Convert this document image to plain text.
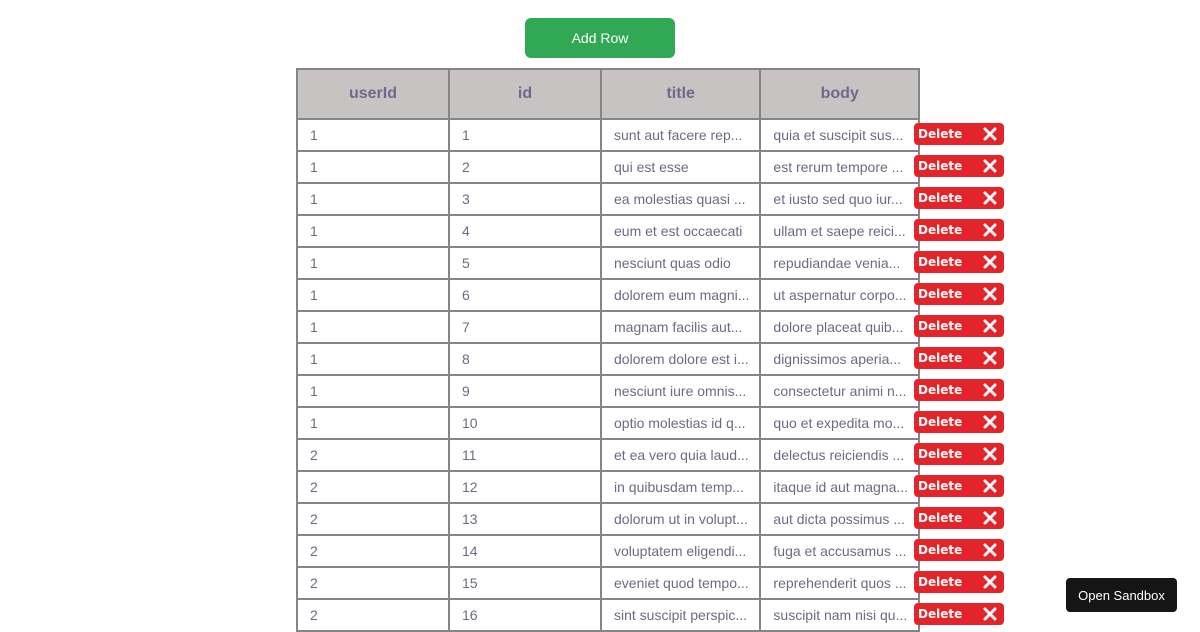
Add Row
userId	id	title	body
1	1	sunt aut facere rep...	quia et suscipit sus...
1	2	qui est esse	est rerum tempore ...
1	3	ea molestias quasi ...	et iusto sed quo iur...
1	4	eum et est occaecati	ullam et saepe reici...
1	5	nesciunt quas odio	repudiandae venia...
1	6	dolorem eum magni...	ut aspernatur corpo...
1	7	magnam facilis aut...	dolore placeat quib...
1	8	dolorem dolore est i...	dignissimos aperia...
1	9	nesciunt iure omnis...	consectetur animi n...
1	10	optio molestias id q...	quo et expedita mo...
2	11	et ea vero quia laud...	delectus reiciendis ...
2	12	in quibusdam temp...	itaque id aut magna...
2	13	dolorum ut in volupt...	aut dicta possimus ...
2	14	voluptatem eligendi...	fuga et accusamus ...
2	15	eveniet quod tempo...	reprehenderit quos ...
2	16	sint suscipit perspic...	suscipit nam nisi qu...
Delete
Delete
Delete
Delete
Delete
Delete
Delete
Delete
Delete
Delete
Delete
Delete
Delete
Delete
Delete
Delete
Open Sandbox
